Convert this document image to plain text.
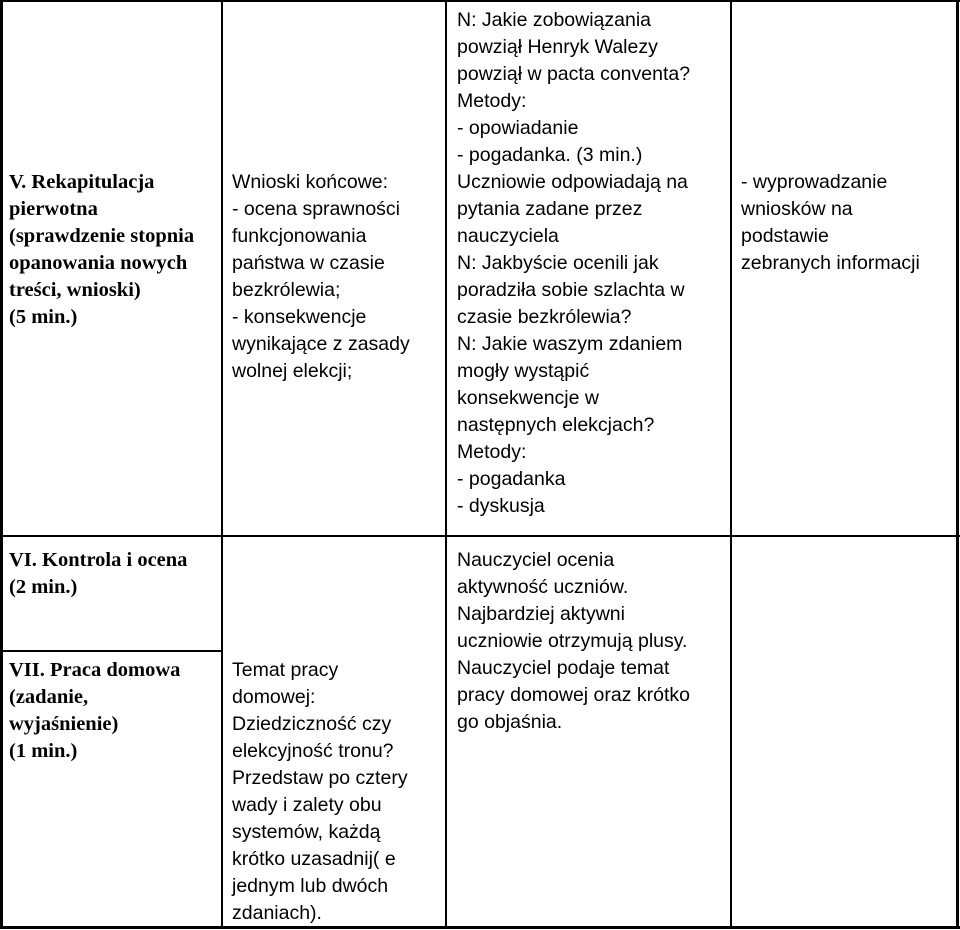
V. Rekapitulacja
pierwotna
(sprawdzenie stopnia
opanowania nowych
treści, wnioski)
(5 min.)
Wnioski końcowe:
- ocena sprawności
funkcjonowania
państwa w czasie
bezkrólewia;
- konsekwencje
wynikające z zasady
wolnej elekcji;
N: Jakie zobowiązania
powziął Henryk Walezy
powziął w pacta conventa?
Metody:
- opowiadanie
- pogadanka. (3 min.)
Uczniowie odpowiadają na
pytania zadane przez
nauczyciela
N: Jakbyście ocenili jak
poradziła sobie szlachta w
czasie bezkrólewia?
N: Jakie waszym zdaniem
mogły wystąpić
konsekwencje w
następnych elekcjach?
Metody:
- pogadanka
- dyskusja
- wyprowadzanie
wniosków na
podstawie
zebranych informacji
VI. Kontrola i ocena
(2 min.)
VII. Praca domowa
(zadanie,
wyjaśnienie)
(1 min.)
Temat pracy
domowej:
Dziedziczność czy
elekcyjność tronu?
Przedstaw po cztery
wady i zalety obu
systemów, każdą
krótko uzasadnij( e
jednym lub dwóch
zdaniach).
Nauczyciel ocenia
aktywność uczniów.
Najbardziej aktywni
uczniowie otrzymują plusy.
Nauczyciel podaje temat
pracy domowej oraz krótko
go objaśnia.
